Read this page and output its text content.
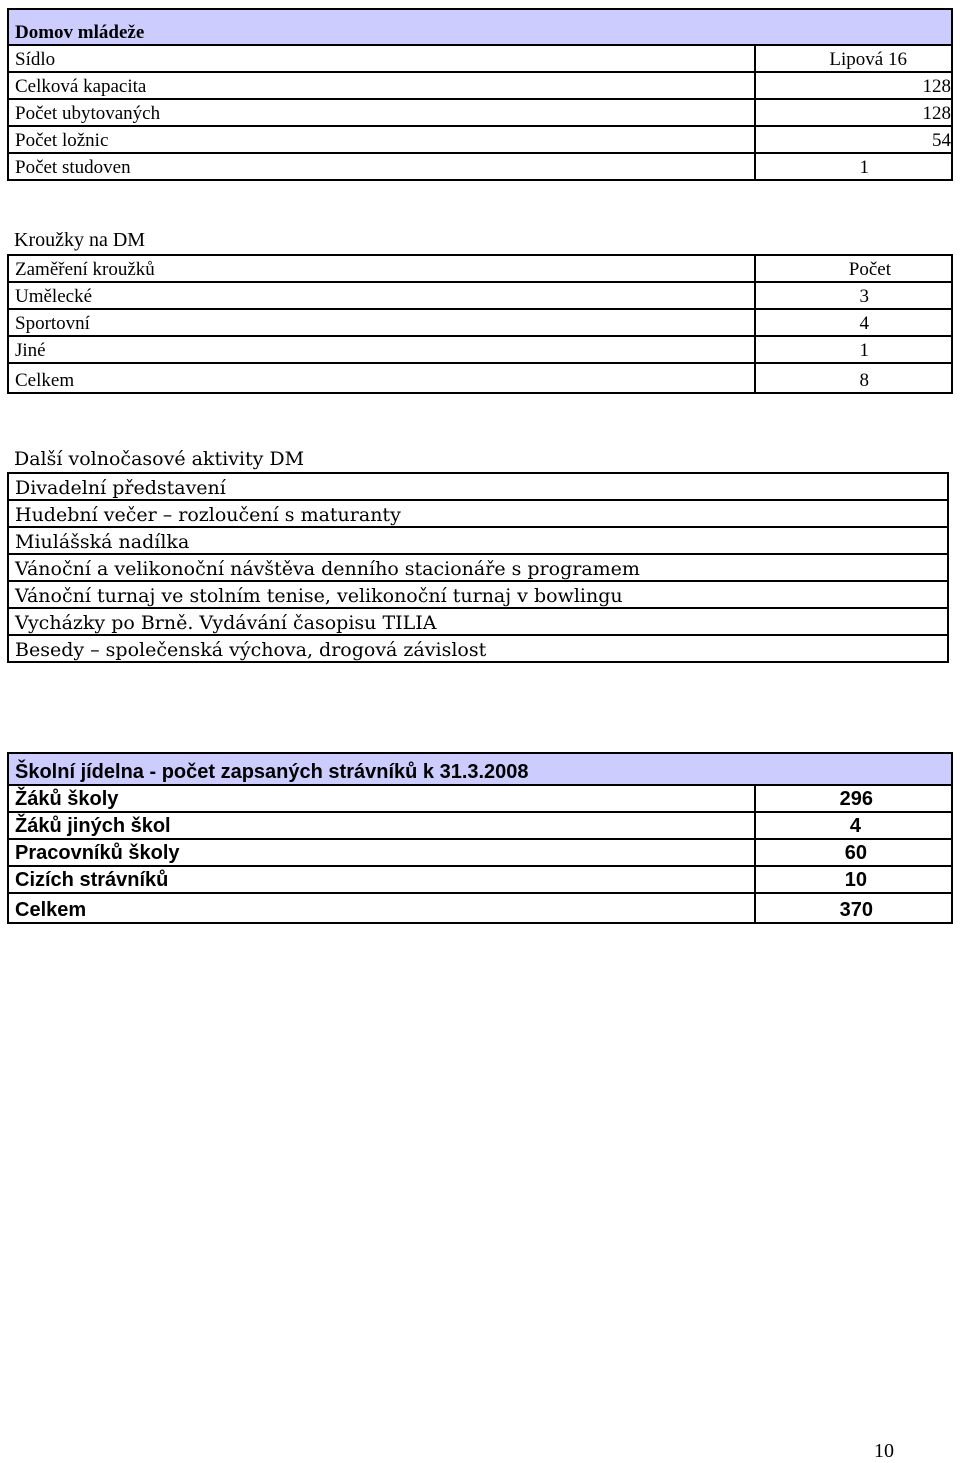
Domov mládeže	
Sídlo	Lipová 16
Celková kapacita	128
Počet ubytovaných	128
Počet ložnic	54
Počet studoven	1
Kroužky na DM
Zaměření kroužků	Počet
Umělecké	3
Sportovní	4
Jiné	1
Celkem	8
Další volnočasové aktivity DM
Divadelní představení
Hudební večer – rozloučení s maturanty
Miulášská nadílka
Vánoční a velikonoční návštěva denního stacionáře s programem
Vánoční turnaj ve stolním tenise, velikonoční turnaj v bowlingu
Vycházky po Brně. Vydávání časopisu TILIA
Besedy – společenská výchova, drogová závislost
Školní jídelna - počet zapsaných strávníků k 31.3.2008	
Žáků školy	296
Žáků jiných škol	4
Pracovníků školy	60
Cizích strávníků	10
Celkem	370
10
